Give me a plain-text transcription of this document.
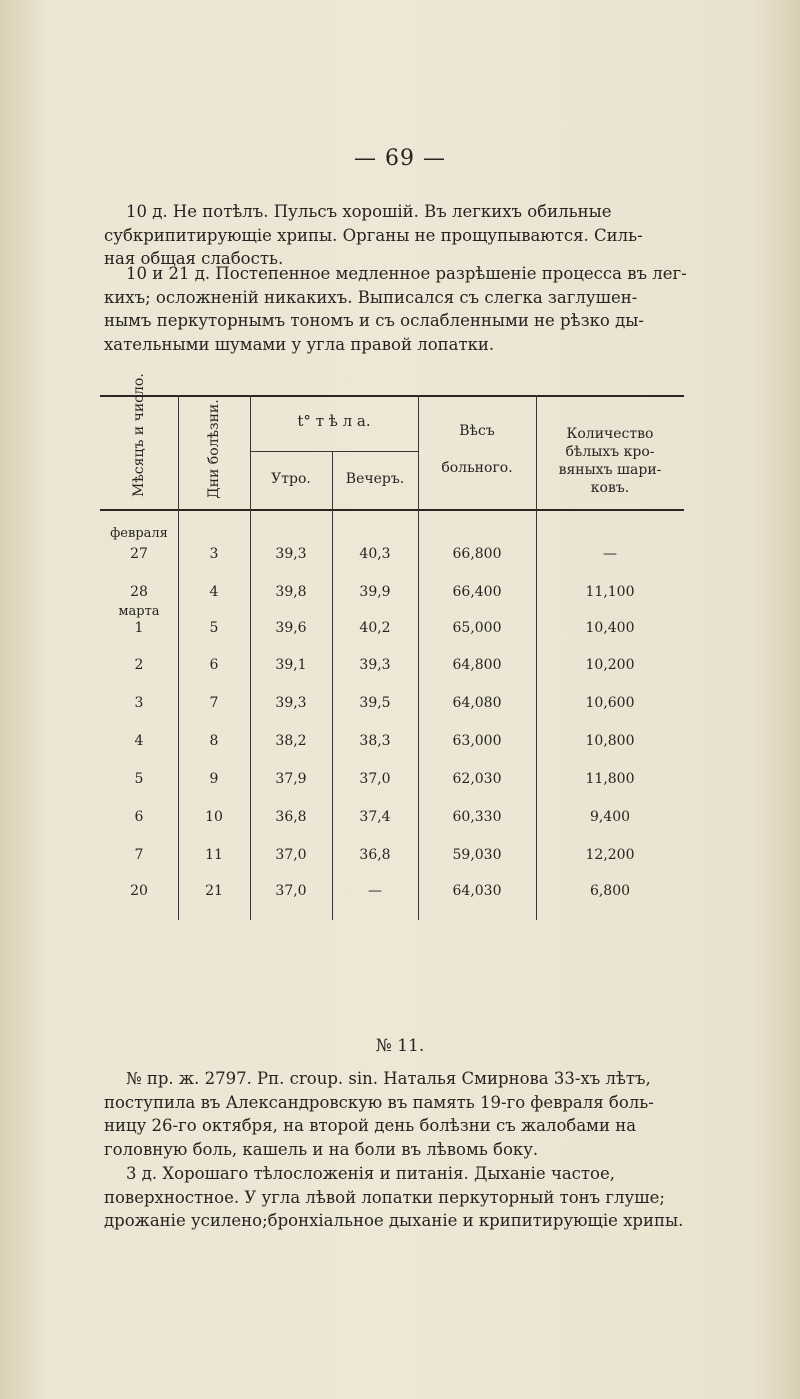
— 69 —
10 д. Не потѣлъ. Пульсъ хорошій. Въ легкихъ обильные
субкрипитирующіе хрипы. Органы не прощупываются. Силь-
ная общая слабость.
10 и 21 д. Постепенное медленное разрѣшеніе процесса въ лег-
кихъ; осложненій никакихъ. Выписался съ слегка заглушен-
нымъ перкуторнымъ тономъ и съ ослабленными не рѣзко ды-
хательными шумами у угла правой лопатки.
Мѣсяцъ и число.	Дни болѣзни.	t° т ѣ л а.
Утро.	Вечеръ.
Вѣсъ
больного.
Количество
бѣлыхъ кро-
вяныхъ шари-
ковъ.
февраля
марта
27	3	39,3	40,3	66,800	—
28	4	39,8	39,9	66,400	11,100
1	5	39,6	40,2	65,000	10,400
2	6	39,1	39,3	64,800	10,200
3	7	39,3	39,5	64,080	10,600
4	8	38,2	38,3	63,000	10,800
5	9	37,9	37,0	62,030	11,800
6	10	36,8	37,4	60,330	9,400
7	11	37,0	36,8	59,030	12,200
20	21	37,0	—	64,030	6,800
№ 11.
№ пр. ж. 2797. Рп. croup. sin. Наталья Смирнова 33-хъ лѣтъ,
поступила въ Александровскую въ память 19-го февраля боль-
ницу 26-го октября, на второй день болѣзни съ жалобами на
головную боль, кашель и на боли въ лѣвомь боку.
3 д. Хорошаго тѣлосложенія и питанія. Дыханіе частое,
поверхностное. У угла лѣвой лопатки перкуторный тонъ глуше;
дрожаніе усилено;бронхіальное дыханіе и крипитирующіе хрипы.
